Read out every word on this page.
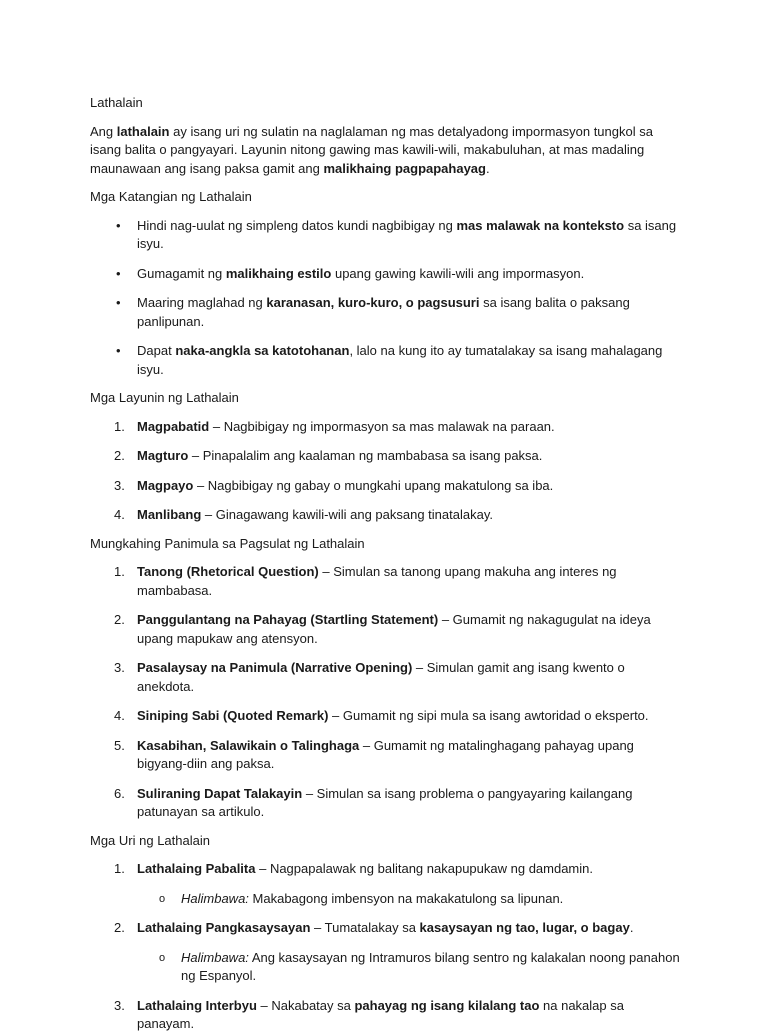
Lathalain

Ang lathalain ay isang uri ng sulatin na naglalaman ng mas detalyadong impormasyon tungkol sa isang balita o pangyayari. Layunin nitong gawing mas kawili-wili, makabuluhan, at mas madaling maunawaan ang isang paksa gamit ang malikhaing pagpapahayag.

Mga Katangian ng Lathalain
• Hindi nag-uulat ng simpleng datos kundi nagbibigay ng mas malawak na konteksto sa isang isyu.
• Gumagamit ng malikhaing estilo upang gawing kawili-wili ang impormasyon.
• Maaring maglahad ng karanasan, kuro-kuro, o pagsusuri sa isang balita o paksang panlipunan.
• Dapat naka-angkla sa katotohanan, lalo na kung ito ay tumatalakay sa isang mahalagang isyu.
Mga Layunin ng Lathalain
1. Magpabatid – Nagbibigay ng impormasyon sa mas malawak na paraan.
2. Magturo – Pinapalalim ang kaalaman ng mambabasa sa isang paksa.
3. Magpayo – Nagbibigay ng gabay o mungkahi upang makatulong sa iba.
4. Manlibang – Ginagawang kawili-wili ang paksang tinatalakay.
Mungkahing Panimula sa Pagsulat ng Lathalain
1. Tanong (Rhetorical Question) – Simulan sa tanong upang makuha ang interes ng mambabasa.
2. Panggulantang na Pahayag (Startling Statement) – Gumamit ng nakagugulat na ideya upang mapukaw ang atensyon.
3. Pasalaysay na Panimula (Narrative Opening) – Simulan gamit ang isang kwento o anekdota.
4. Siniping Sabi (Quoted Remark) – Gumamit ng sipi mula sa isang awtoridad o eksperto.
5. Kasabihan, Salawikain o Talinghaga – Gumamit ng matalinghagang pahayag upang bigyang-diin ang paksa.
6. Suliraning Dapat Talakayin – Simulan sa isang problema o pangyayaring kailangang patunayan sa artikulo.
Mga Uri ng Lathalain
1. Lathalaing Pabalita – Nagpapalawak ng balitang nakapupukaw ng damdamin.
o Halimbawa: Makabagong imbensyon na makakatulong sa lipunan.
2. Lathalaing Pangkasaysayan – Tumatalakay sa kasaysayan ng tao, lugar, o bagay.
o Halimbawa: Ang kasaysayan ng Intramuros bilang sentro ng kalakalan noong panahon ng Espanyol.
3. Lathalaing Interbyu – Nakabatay sa pahayag ng isang kilalang tao na nakalap sa panayam.
